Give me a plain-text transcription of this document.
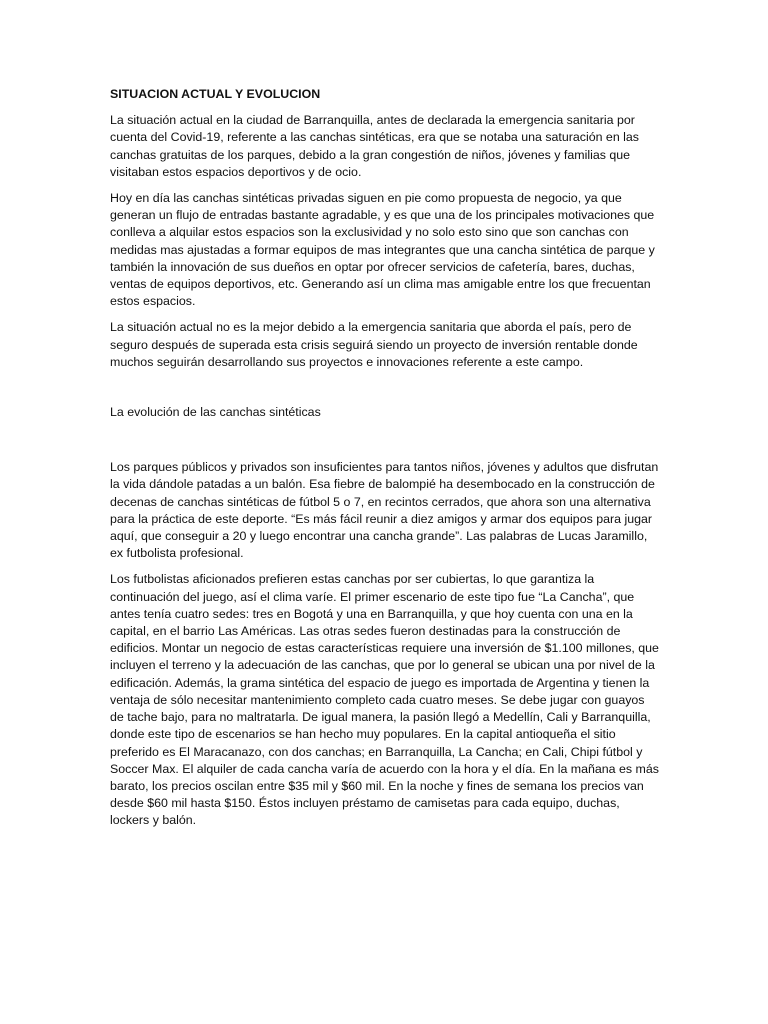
SITUACION ACTUAL Y EVOLUCION

La situación actual en la ciudad de Barranquilla, antes de declarada la emergencia sanitaria por cuenta del Covid-19, referente a las canchas sintéticas, era que se notaba una saturación en las canchas gratuitas de los parques, debido a la gran congestión de niños, jóvenes y familias que visitaban estos espacios deportivos y de ocio.

Hoy en día las canchas sintéticas privadas siguen en pie como propuesta de negocio, ya que generan un flujo de entradas bastante agradable, y es que una de los principales motivaciones que conlleva a alquilar estos espacios son la exclusividad y no solo esto sino que son canchas con medidas mas ajustadas a formar equipos de mas integrantes que una cancha sintética de parque y también la innovación de sus dueños en optar por ofrecer servicios de cafetería, bares, duchas, ventas de equipos deportivos, etc. Generando así un clima mas amigable entre los que frecuentan estos espacios.

La situación actual no es la mejor debido a la emergencia sanitaria que aborda el país, pero de seguro después de superada esta crisis seguirá siendo un proyecto de inversión rentable donde muchos seguirán desarrollando sus proyectos e innovaciones referente a este campo.

La evolución de las canchas sintéticas

Los parques públicos y privados son insuficientes para tantos niños, jóvenes y adultos que disfrutan la vida dándole patadas a un balón. Esa fiebre de balompié ha desembocado en la construcción de decenas de canchas sintéticas de fútbol 5 o 7, en recintos cerrados, que ahora son una alternativa para la práctica de este deporte. “Es más fácil reunir a diez amigos y armar dos equipos para jugar aquí, que conseguir a 20 y luego encontrar una cancha grande”. Las palabras de Lucas Jaramillo, ex futbolista profesional.

Los futbolistas aficionados prefieren estas canchas por ser cubiertas, lo que garantiza la continuación del juego, así el clima varíe. El primer escenario de este tipo fue “La Cancha”, que antes tenía cuatro sedes: tres en Bogotá y una en Barranquilla, y que hoy cuenta con una en la capital, en el barrio Las Américas. Las otras sedes fueron destinadas para la construcción de edificios. Montar un negocio de estas características requiere una inversión de $1.100 millones, que incluyen el terreno y la adecuación de las canchas, que por lo general se ubican una por nivel de la edificación. Además, la grama sintética del espacio de juego es importada de Argentina y tienen la ventaja de sólo necesitar mantenimiento completo cada cuatro meses. Se debe jugar con guayos de tache bajo, para no maltratarla. De igual manera, la pasión llegó a Medellín, Cali y Barranquilla, donde este tipo de escenarios se han hecho muy populares. En la capital antioqueña el sitio preferido es El Maracanazo, con dos canchas; en Barranquilla, La Cancha; en Cali, Chipi fútbol y Soccer Max. El alquiler de cada cancha varía de acuerdo con la hora y el día. En la mañana es más barato, los precios oscilan entre $35 mil y $60 mil. En la noche y fines de semana los precios van desde $60 mil hasta $150. Éstos incluyen préstamo de camisetas para cada equipo, duchas, lockers y balón.
